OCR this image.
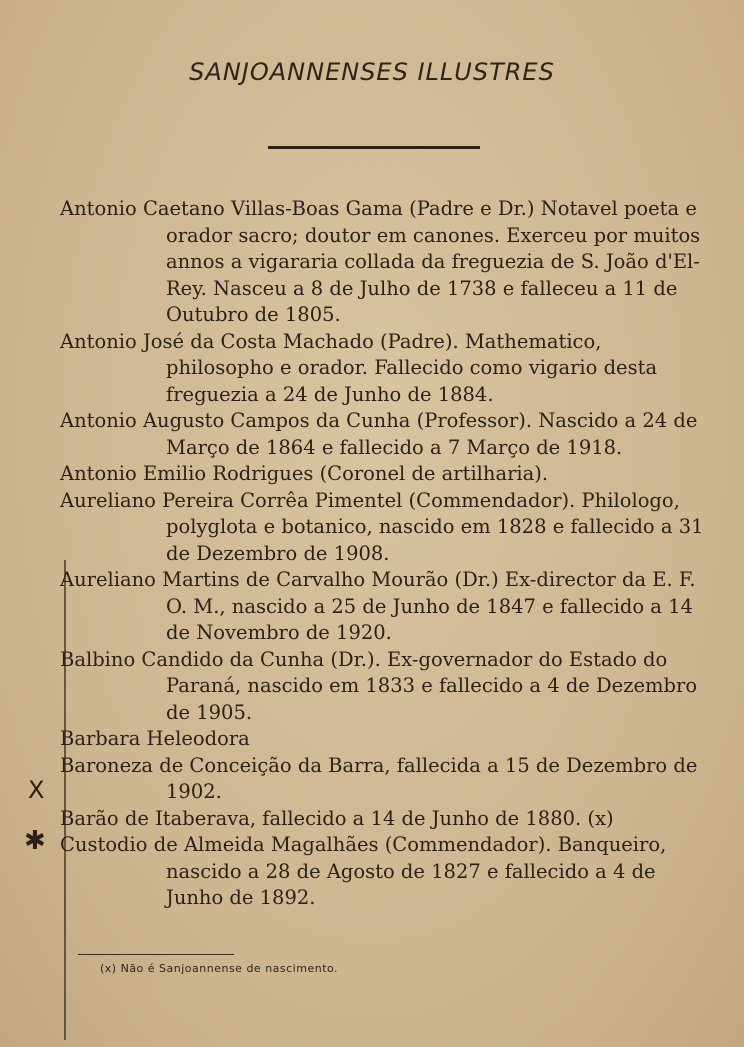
SANJOANNENSES ILLUSTRES
X
✱

Antonio Caetano Villas-Boas Gama (Padre e Dr.) Notavel poeta e orador sacro; doutor em canones. Exerceu por muitos annos a vigararia collada da freguezia de S. João d'El-Rey. Nasceu a 8 de Julho de 1738 e falleceu a 11 de Outubro de 1805.

Antonio José da Costa Machado (Padre). Mathematico, philosopho e orador. Fallecido como vigario desta freguezia a 24 de Junho de 1884.

Antonio Augusto Campos da Cunha (Professor). Nascido a 24 de Março de 1864 e fallecido a 7 Março de 1918.

Antonio Emilio Rodrigues (Coronel de artilharia).

Aureliano Pereira Corrêa Pimentel (Commendador). Philologo, polyglota e botanico, nascido em 1828 e fallecido a 31 de Dezembro de 1908.

Aureliano Martins de Carvalho Mourão (Dr.) Ex-director da E. F. O. M., nascido a 25 de Junho de 1847 e fallecido a 14 de Novembro de 1920.

Balbino Candido da Cunha (Dr.). Ex-governador do Estado do Paraná, nascido em 1833 e fallecido a 4 de Dezembro de 1905.

Barbara Heleodora

Baroneza de Conceição da Barra, fallecida a 15 de Dezembro de 1902.

Barão de Itaberava, fallecido a 14 de Junho de 1880. (x)

Custodio de Almeida Magalhães (Commendador). Banqueiro, nascido a 28 de Agosto de 1827 e fallecido a 4 de Junho de 1892.

(x) Não é Sanjoannense de nascimento.
